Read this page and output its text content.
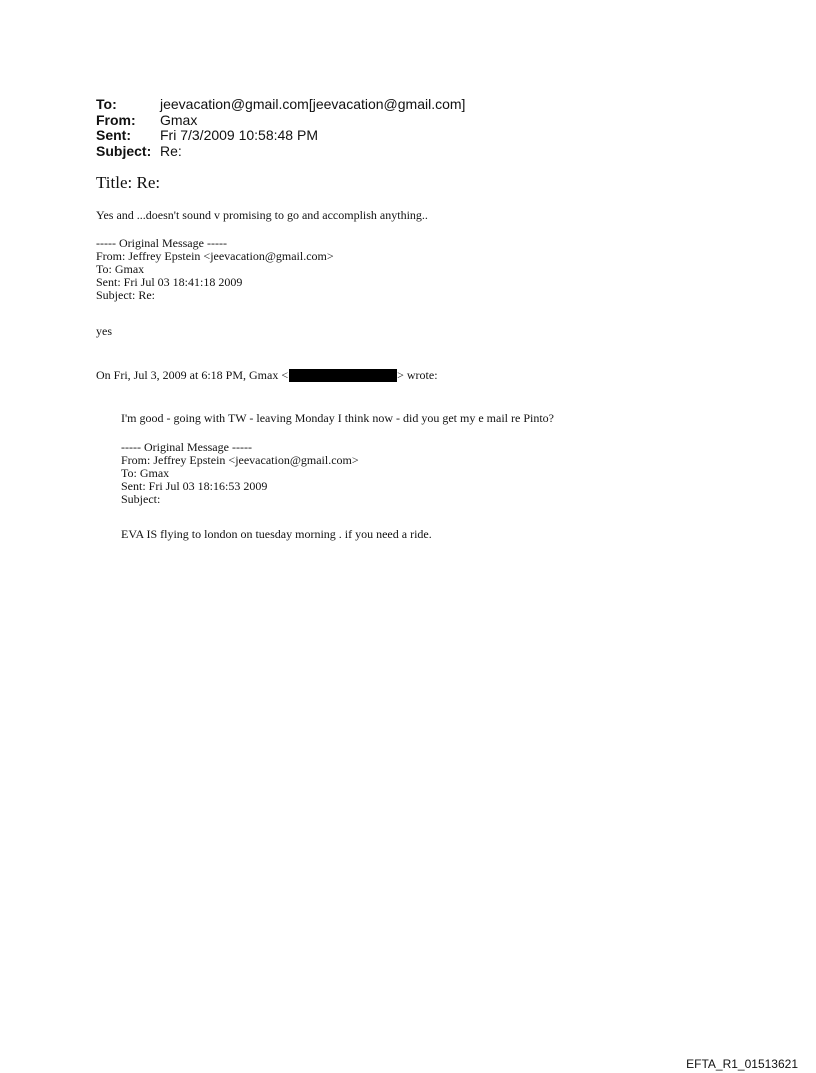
To:	jeevacation@gmail.com[jeevacation@gmail.com]
From:	Gmax
Sent:	Fri 7/3/2009 10:58:48 PM
Subject: Re:
Title: Re:
Yes and ...doesn't sound v promising to go and accomplish anything..
----- Original Message -----
From: Jeffrey Epstein <jeevacation@gmail.com>
To: Gmax
Sent: Fri Jul 03 18:41:18 2009
Subject: Re:
yes
On Fri, Jul 3, 2009 at 6:18 PM, Gmax <	> wrote:
I'm good - going with TW - leaving Monday I think now - did you get my e mail re Pinto?
----- Original Message -----
From: Jeffrey Epstein <jeevacation@gmail.com>
To: Gmax
Sent: Fri Jul 03 18:16:53 2009
Subject:
EVA IS flying to london on tuesday morning . if you need a ride.
EFTA_R1_01513621
